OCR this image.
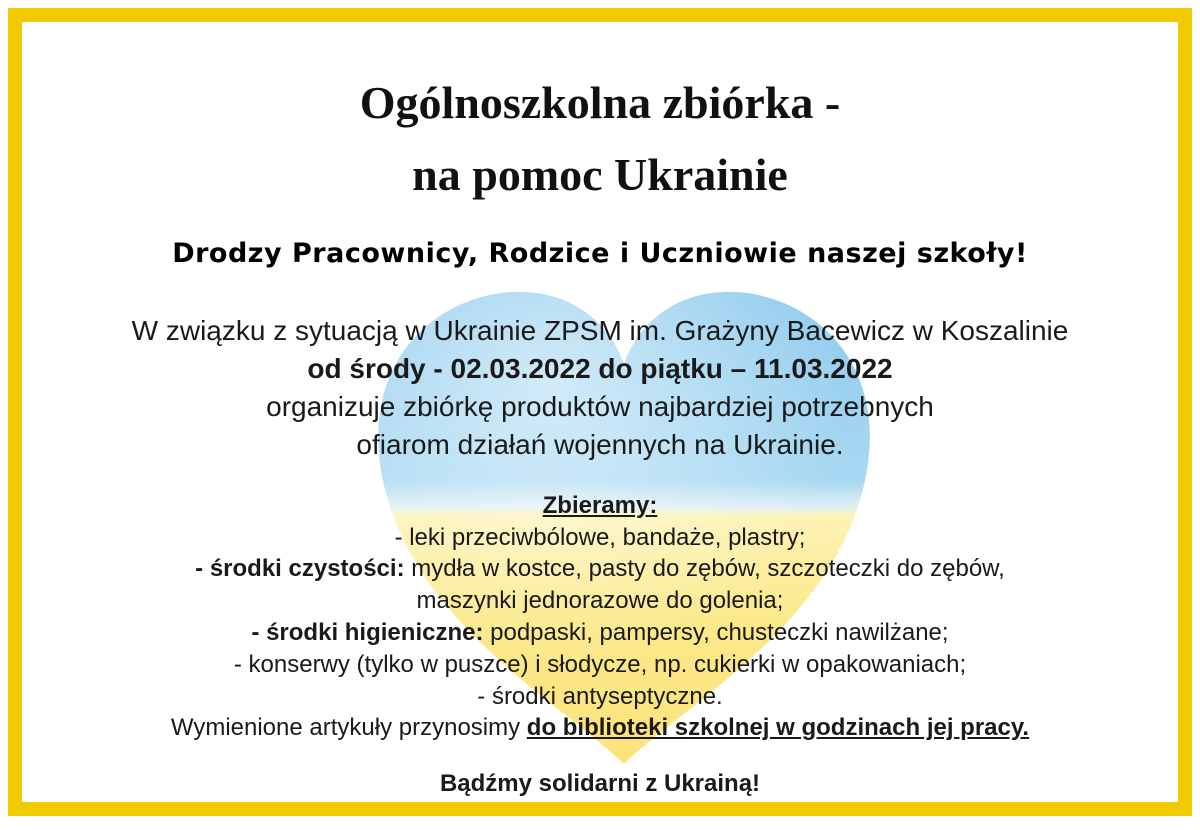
Ogólnoszkolna zbiórka -
na pomoc Ukrainie
Drodzy Pracownicy, Rodzice i Uczniowie naszej szkoły!
W związku z sytuacją w Ukrainie ZPSM im. Grażyny Bacewicz w Koszalinie
od środy - 02.03.2022 do piątku – 11.03.2022
organizuje zbiórkę produktów najbardziej potrzebnych
ofiarom działań wojennych na Ukrainie.
Zbieramy:
- leki przeciwbólowe, bandaże, plastry;
- środki czystości: mydła w kostce, pasty do zębów, szczoteczki do zębów,
maszynki jednorazowe do golenia;
- środki higieniczne: podpaski, pampersy, chusteczki nawilżane;
- konserwy (tylko w puszce) i słodycze, np. cukierki w opakowaniach;
- środki antyseptyczne.
Wymienione artykuły przynosimy do biblioteki szkolnej w godzinach jej pracy.
Bądźmy solidarni z Ukrainą!
